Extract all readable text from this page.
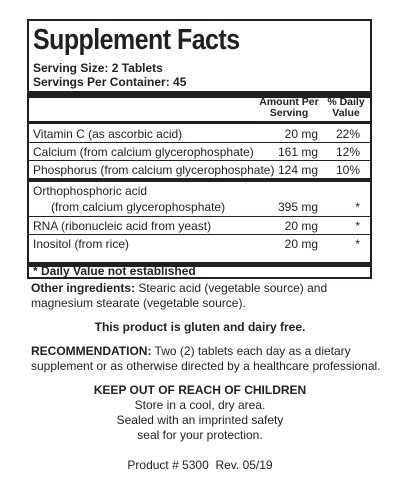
Supplement Facts
Serving Size: 2 Tablets
Servings Per Container: 45
Amount Per
Serving
% Daily
Value
Vitamin C (as ascorbic acid)	20 mg 22%
Calcium (from calcium glycerophosphate) 161 mg 12%
Phosphorus (from calcium glycerophosphate) 124 mg 10%
Orthophosphoric acid
(from calcium glycerophosphate)	395 mg	*
RNA (ribonucleic acid from yeast)	20 mg	*
Inositol (from rice)	20 mg	*
* Daily Value not established
Other ingredients: Stearic acid (vegetable source) and
magnesium stearate (vegetable source).
This product is gluten and dairy free.
RECOMMENDATION: Two (2) tablets each day as a dietary
supplement or as otherwise directed by a healthcare professional.
KEEP OUT OF REACH OF CHILDREN
Store in a cool, dry area.
Sealed with an imprinted safety
seal for your protection.
Product # 5300  Rev. 05/19
